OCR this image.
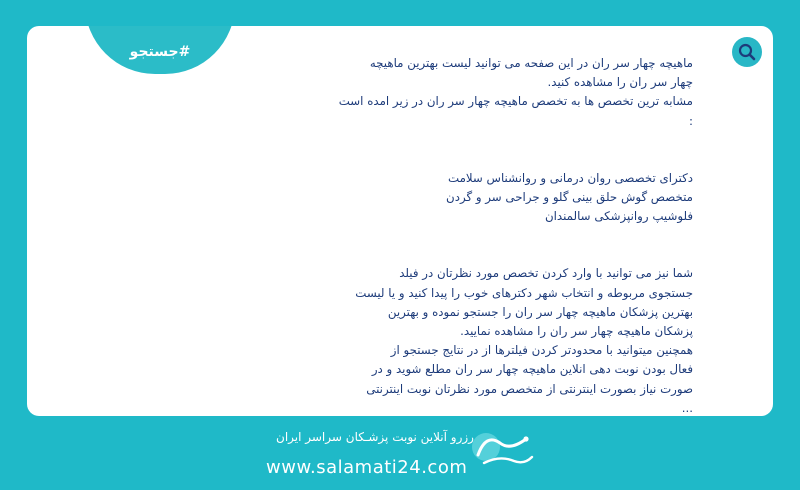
#جستجو

ماهیچه چهار سر ران در این صفحه می توانید لیست بهترین ماهیچه

چهار سر ران را مشاهده کنید.

مشابه ترین تخصص ها به تخصص ماهیچه چهار سر ران در زیر امده است

:

دکترای تخصصی روان درمانی و روانشناس سلامت

متخصص گوش حلق بینی گلو و جراحی سر و گردن

فلوشیپ روانپزشکی سالمندان

شما نیز می توانید با وارد کردن تخصص مورد نظرتان در فیلد

جستجوی مربوطه و انتخاب شهر دکترهای خوب را پیدا کنید و یا لیست

بهترین پزشکان ماهیچه چهار سر ران را جستجو نموده و بهترین

پزشکان ماهیچه چهار سر ران را مشاهده نمایید.

همچنین میتوانید با محدودتر کردن فیلترها از در نتایج جستجو از

فعال بودن نوبت دهی انلاین ماهیچه چهار سر ران مطلع شوید و در

صورت نیاز بصورت اینترنتی از متخصص مورد نظرتان نوبت اینترنتی

...

رزرو آنلاین نوبت پزشـکان سراسر ایران
www.salamati24.com
